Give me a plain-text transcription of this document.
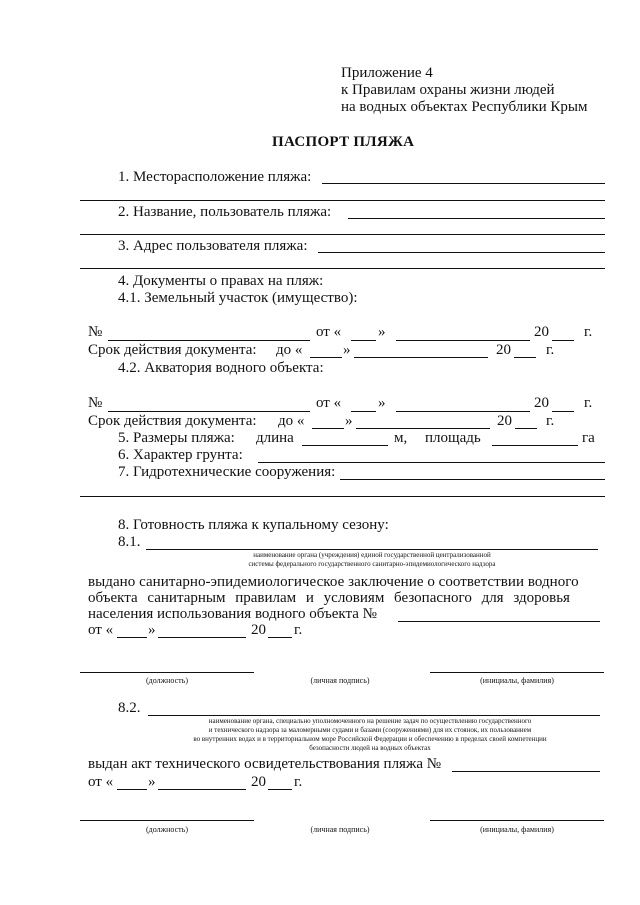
Приложение 4
к Правилам охраны жизни людей
на водных объектах Республики Крым
ПАСПОРТ ПЛЯЖА
1. Месторасположение пляжа:
2. Название, пользователь пляжа:
3. Адрес пользователя пляжа:
4. Документы о правах на пляж:
4.1. Земельный участок (имущество):
№	от « »	20 г.
Срок действия документа: до «	»	20 г.
4.2. Акватория водного объекта:
№	от « »	20 г.
Срок действия документа: до «	»	20 г.
5. Размеры пляжа: длина	м, площадь	га
6. Характер грунта:
7. Гидротехнические сооружения:
8. Готовность пляжа к купальному сезону:
8.1.
наименование органа (учреждения) единой государственной централизованной
системы федерального государственного санитарно-эпидемиологического надзора
выдано санитарно-эпидемиологическое заключение о соответствии водного
объекта санитарным правилам и условиям безопасного для здоровья
населения использования водного объекта №
от « »	20 г.
(должность)	(личная подпись)	(инициалы, фамилия)
8.2.
наименование органа, специально уполномоченного на решение задач по осуществлению государственного
и технического надзора за маломерными судами и базами (сооружениями) для их стоянок, их пользованием
во внутренних водах и в территориальном море Российской Федерации и обеспечению в пределах своей компетенции
безопасности людей на водных объектах
выдан акт технического освидетельствования пляжа №
от « »	20 г.
(должность)	(личная подпись)	(инициалы, фамилия)
